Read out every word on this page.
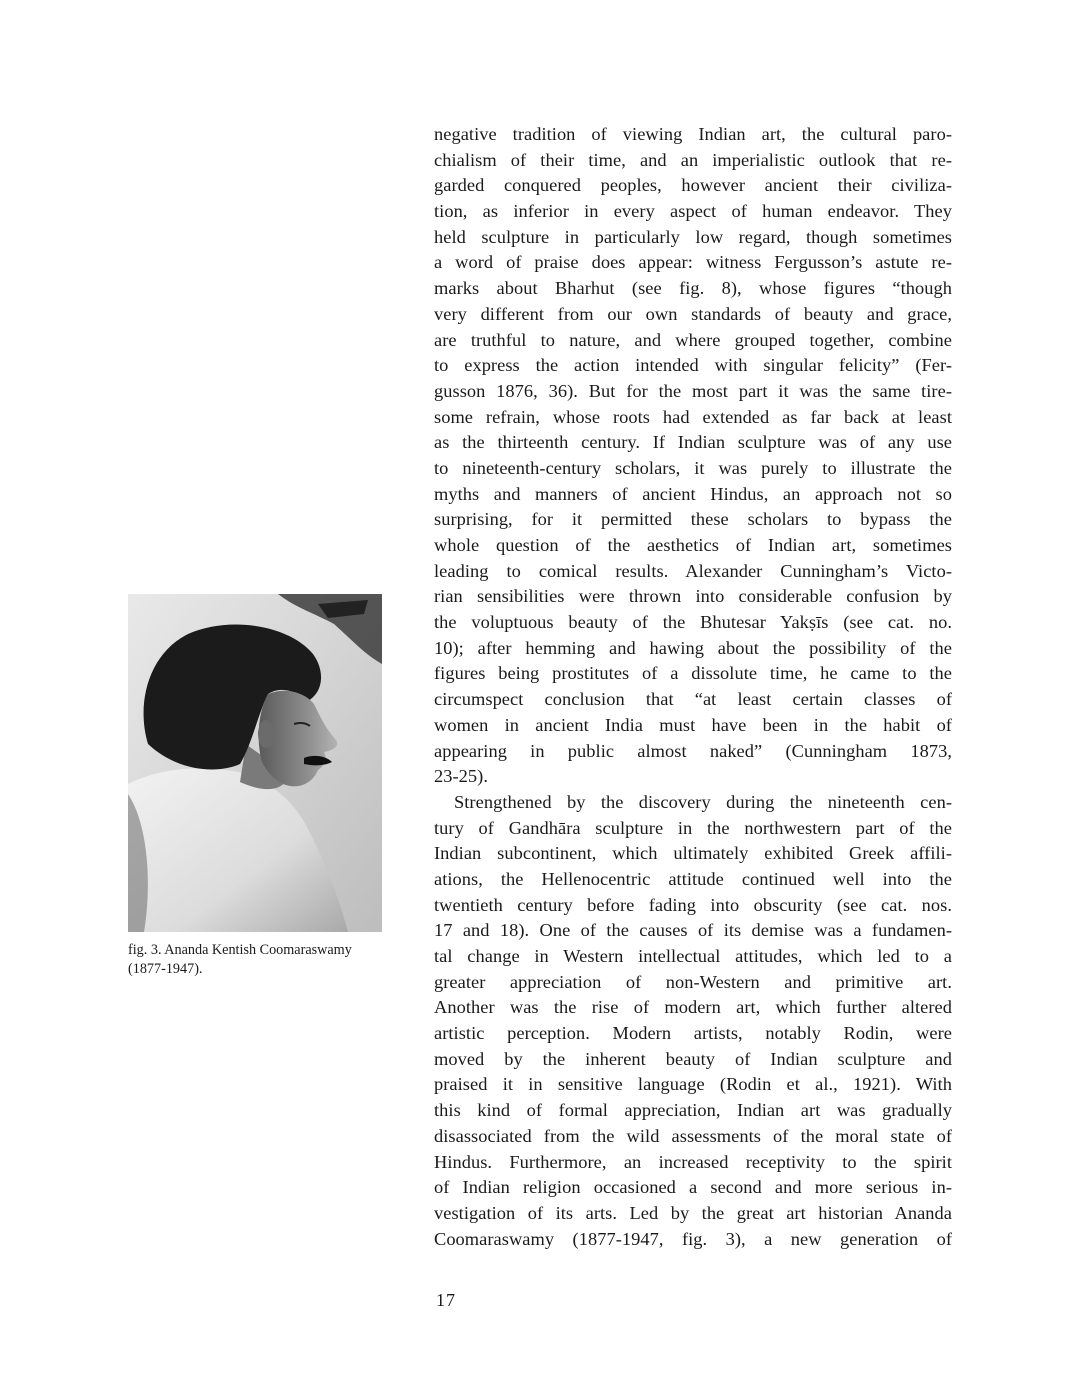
fig. 3. Ananda Kentish Coomaraswamy
(1877-1947).
negative tradition of viewing Indian art, the cultural paro-
chialism of their time, and an imperialistic outlook that re-
garded conquered peoples, however ancient their civiliza-
tion, as inferior in every aspect of human endeavor. They
held sculpture in particularly low regard, though sometimes
a word of praise does appear: witness Fergusson’s astute re-
marks about Bharhut (see fig. 8), whose figures “though
very different from our own standards of beauty and grace,
are truthful to nature, and where grouped together, combine
to express the action intended with singular felicity” (Fer-
gusson 1876, 36). But for the most part it was the same tire-
some refrain, whose roots had extended as far back at least
as the thirteenth century. If Indian sculpture was of any use
to nineteenth-century scholars, it was purely to illustrate the
myths and manners of ancient Hindus, an approach not so
surprising, for it permitted these scholars to bypass the
whole question of the aesthetics of Indian art, sometimes
leading to comical results. Alexander Cunningham’s Victo-
rian sensibilities were thrown into considerable confusion by
the voluptuous beauty of the Bhutesar Yakṣīs (see cat. no.
10); after hemming and hawing about the possibility of the
figures being prostitutes of a dissolute time, he came to the
circumspect conclusion that “at least certain classes of
women in ancient India must have been in the habit of
appearing in public almost naked” (Cunningham 1873,
23-25).
Strengthened by the discovery during the nineteenth cen-
tury of Gandhāra sculpture in the northwestern part of the
Indian subcontinent, which ultimately exhibited Greek affili-
ations, the Hellenocentric attitude continued well into the
twentieth century before fading into obscurity (see cat. nos.
17 and 18). One of the causes of its demise was a fundamen-
tal change in Western intellectual attitudes, which led to a
greater appreciation of non-Western and primitive art.
Another was the rise of modern art, which further altered
artistic perception. Modern artists, notably Rodin, were
moved by the inherent beauty of Indian sculpture and
praised it in sensitive language (Rodin et al., 1921). With
this kind of formal appreciation, Indian art was gradually
disassociated from the wild assessments of the moral state of
Hindus. Furthermore, an increased receptivity to the spirit
of Indian religion occasioned a second and more serious in-
vestigation of its arts. Led by the great art historian Ananda
Coomaraswamy (1877-1947, fig. 3), a new generation of
17
